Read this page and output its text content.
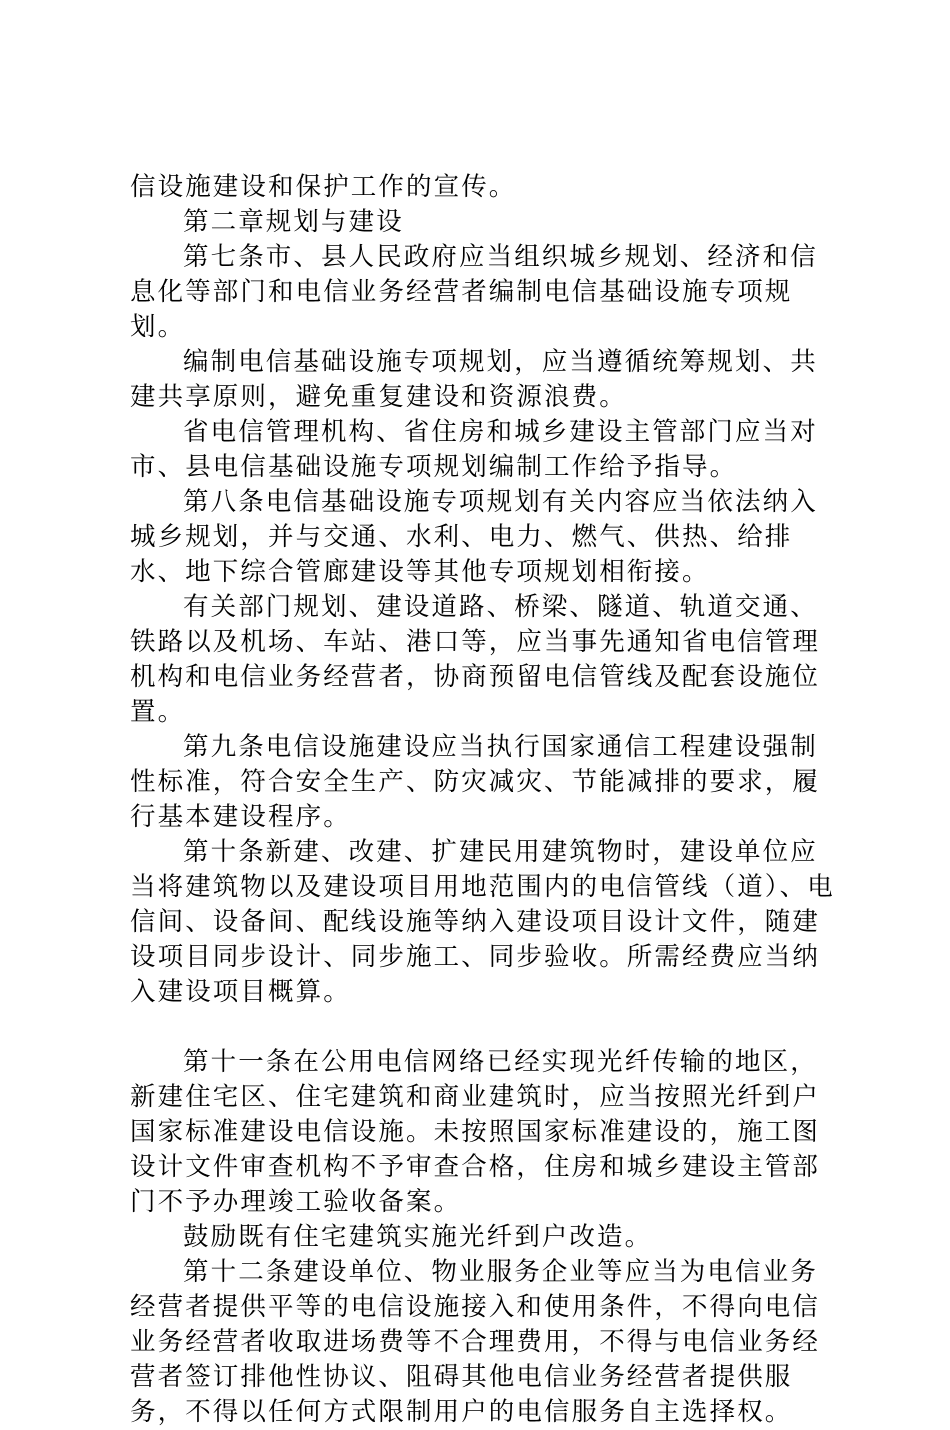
信设施建设和保护工作的宣传。

第二章规划与建设

第七条市、县人民政府应当组织城乡规划、经济和信息化等部门和电信业务经营者编制电信基础设施专项规划。

编制电信基础设施专项规划，应当遵循统筹规划、共建共享原则，避免重复建设和资源浪费。

省电信管理机构、省住房和城乡建设主管部门应当对市、县电信基础设施专项规划编制工作给予指导。

第八条电信基础设施专项规划有关内容应当依法纳入城乡规划，并与交通、水利、电力、燃气、供热、给排水、地下综合管廊建设等其他专项规划相衔接。

有关部门规划、建设道路、桥梁、隧道、轨道交通、铁路以及机场、车站、港口等，应当事先通知省电信管理机构和电信业务经营者，协商预留电信管线及配套设施位置。

第九条电信设施建设应当执行国家通信工程建设强制性标准，符合安全生产、防灾减灾、节能减排的要求，履行基本建设程序。

第十条新建、改建、扩建民用建筑物时，建设单位应当将建筑物以及建设项目用地范围内的电信管线（道）、电信间、设备间、配线设施等纳入建设项目设计文件，随建设项目同步设计、同步施工、同步验收。所需经费应当纳入建设项目概算。

第十一条在公用电信网络已经实现光纤传输的地区，新建住宅区、住宅建筑和商业建筑时，应当按照光纤到户国家标准建设电信设施。未按照国家标准建设的，施工图设计文件审查机构不予审查合格，住房和城乡建设主管部门不予办理竣工验收备案。

鼓励既有住宅建筑实施光纤到户改造。

第十二条建设单位、物业服务企业等应当为电信业务经营者提供平等的电信设施接入和使用条件，不得向电信业务经营者收取进场费等不合理费用，不得与电信业务经营者签订排他性协议、阻碍其他电信业务经营者提供服务，不得以任何方式限制用户的电信服务自主选择权。
